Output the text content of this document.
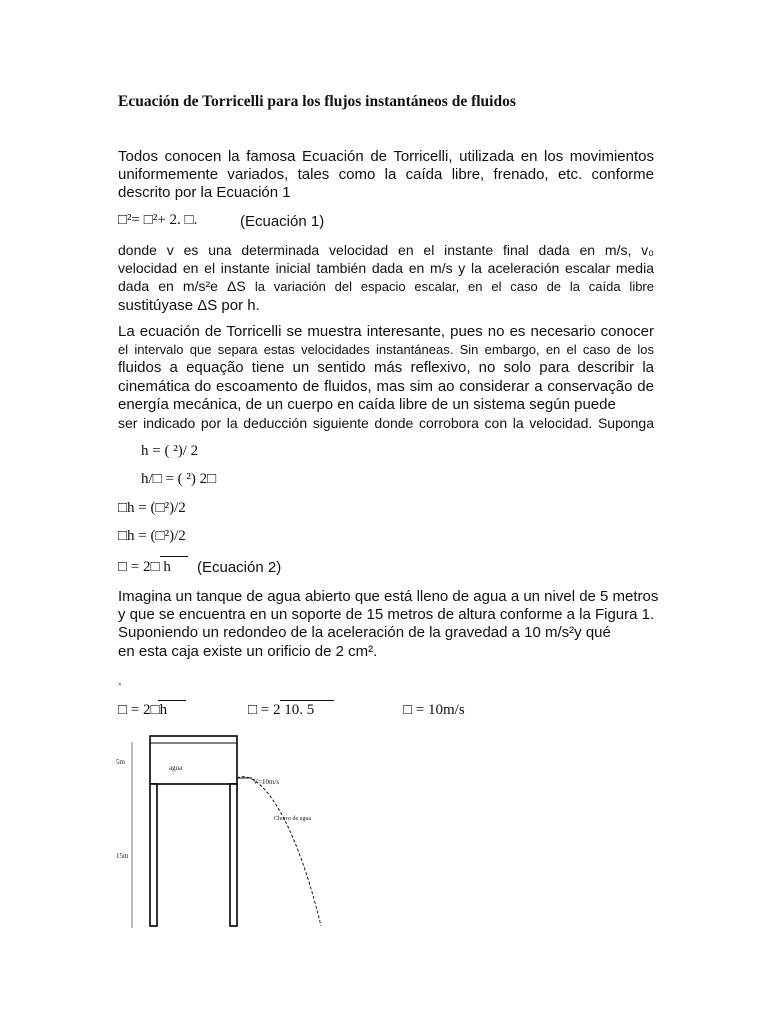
Ecuación de Torricelli para los flujos instantáneos de fluidos
Todos conocen la famosa Ecuación de Torricelli, utilizada en los movimientos
uniformemente variados, tales como la caída libre, frenado, etc. conforme
descrito por la Ecuación 1
□²= □²+ 2. □.	(Ecuación 1)
donde v es una determinada velocidad en el instante final dada en m/s, v₀
velocidad en el instante inicial también dada en m/s y la aceleración escalar media
dada en m/s²e ΔS la variación del espacio escalar, en el caso de la caída libre
sustitúyase ΔS por h.
La ecuación de Torricelli se muestra interesante, pues no es necesario conocer
el intervalo que separa estas velocidades instantáneas. Sin embargo, en el caso de los
fluidos a equação tiene un sentido más reflexivo, no solo para describir la
cinemática do escoamento de fluidos, mas sim ao considerar a conservação de
energía mecánica, de un cuerpo en caída libre de un sistema según puede
ser indicado por la deducción siguiente donde corrobora con la velocidad. Suponga
h = ( ²)/ 2
h/□ = ( ²) 2□
□h = (□²)/2
□h = (□²)/2
□ = 2□ h (Ecuación 2)
Imagina un tanque de agua abierto que está lleno de agua a un nivel de 5 metros
y que se encuentra en un soporte de 15 metros de altura conforme a la Figura 1.
Suponiendo un redondeo de la aceleración de la gravedad a 10 m/s²y qué
en esta caja existe un orificio de 2 cm².
.
□ = 2□h	□ = 2 10. 5	□ = 10m/s
5m
15m
agua
V=10m/s
Chorro de agua
